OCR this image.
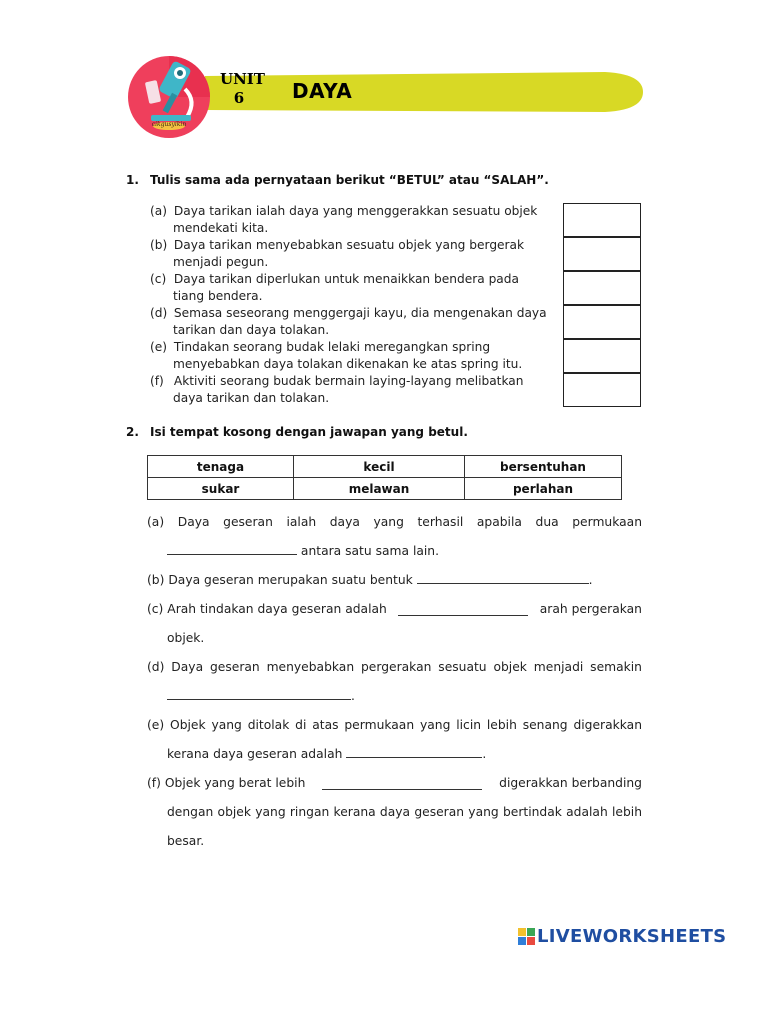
cikgusyikin
UNIT
6	DAYA
1. Tulis sama ada pernyataan berikut “BETUL” atau “SALAH”.
(a) Daya tarikan ialah daya yang menggerakkan sesuatu objek
mendekati kita.
(b) Daya tarikan menyebabkan sesuatu objek yang bergerak
menjadi pegun.
(c) Daya tarikan diperlukan untuk menaikkan bendera pada
tiang bendera.
(d) Semasa seseorang menggergaji kayu, dia mengenakan daya
tarikan dan daya tolakan.
(e) Tindakan seorang budak lelaki meregangkan spring
menyebabkan daya tolakan dikenakan ke atas spring itu.
(f) Aktiviti seorang budak bermain laying-layang melibatkan
daya tarikan dan tolakan.
2. Isi tempat kosong dengan jawapan yang betul.
tenaga	kecil	bersentuhan
sukar	melawan	perlahan
(a) Daya geseran ialah daya yang terhasil apabila dua permukaan
antara satu sama lain.
(b) Daya geseran merupakan suatu bentuk	.
(c) Arah tindakan daya geseran adalah	arah pergerakan
objek.
(d) Daya geseran menyebabkan pergerakan sesuatu objek menjadi semakin
.
(e) Objek yang ditolak di atas permukaan yang licin lebih senang digerakkan
kerana daya geseran adalah	.
(f) Objek yang berat lebih	digerakkan berbanding
dengan objek yang ringan kerana daya geseran yang bertindak adalah lebih
besar.
LIVEWORKSHEETS
